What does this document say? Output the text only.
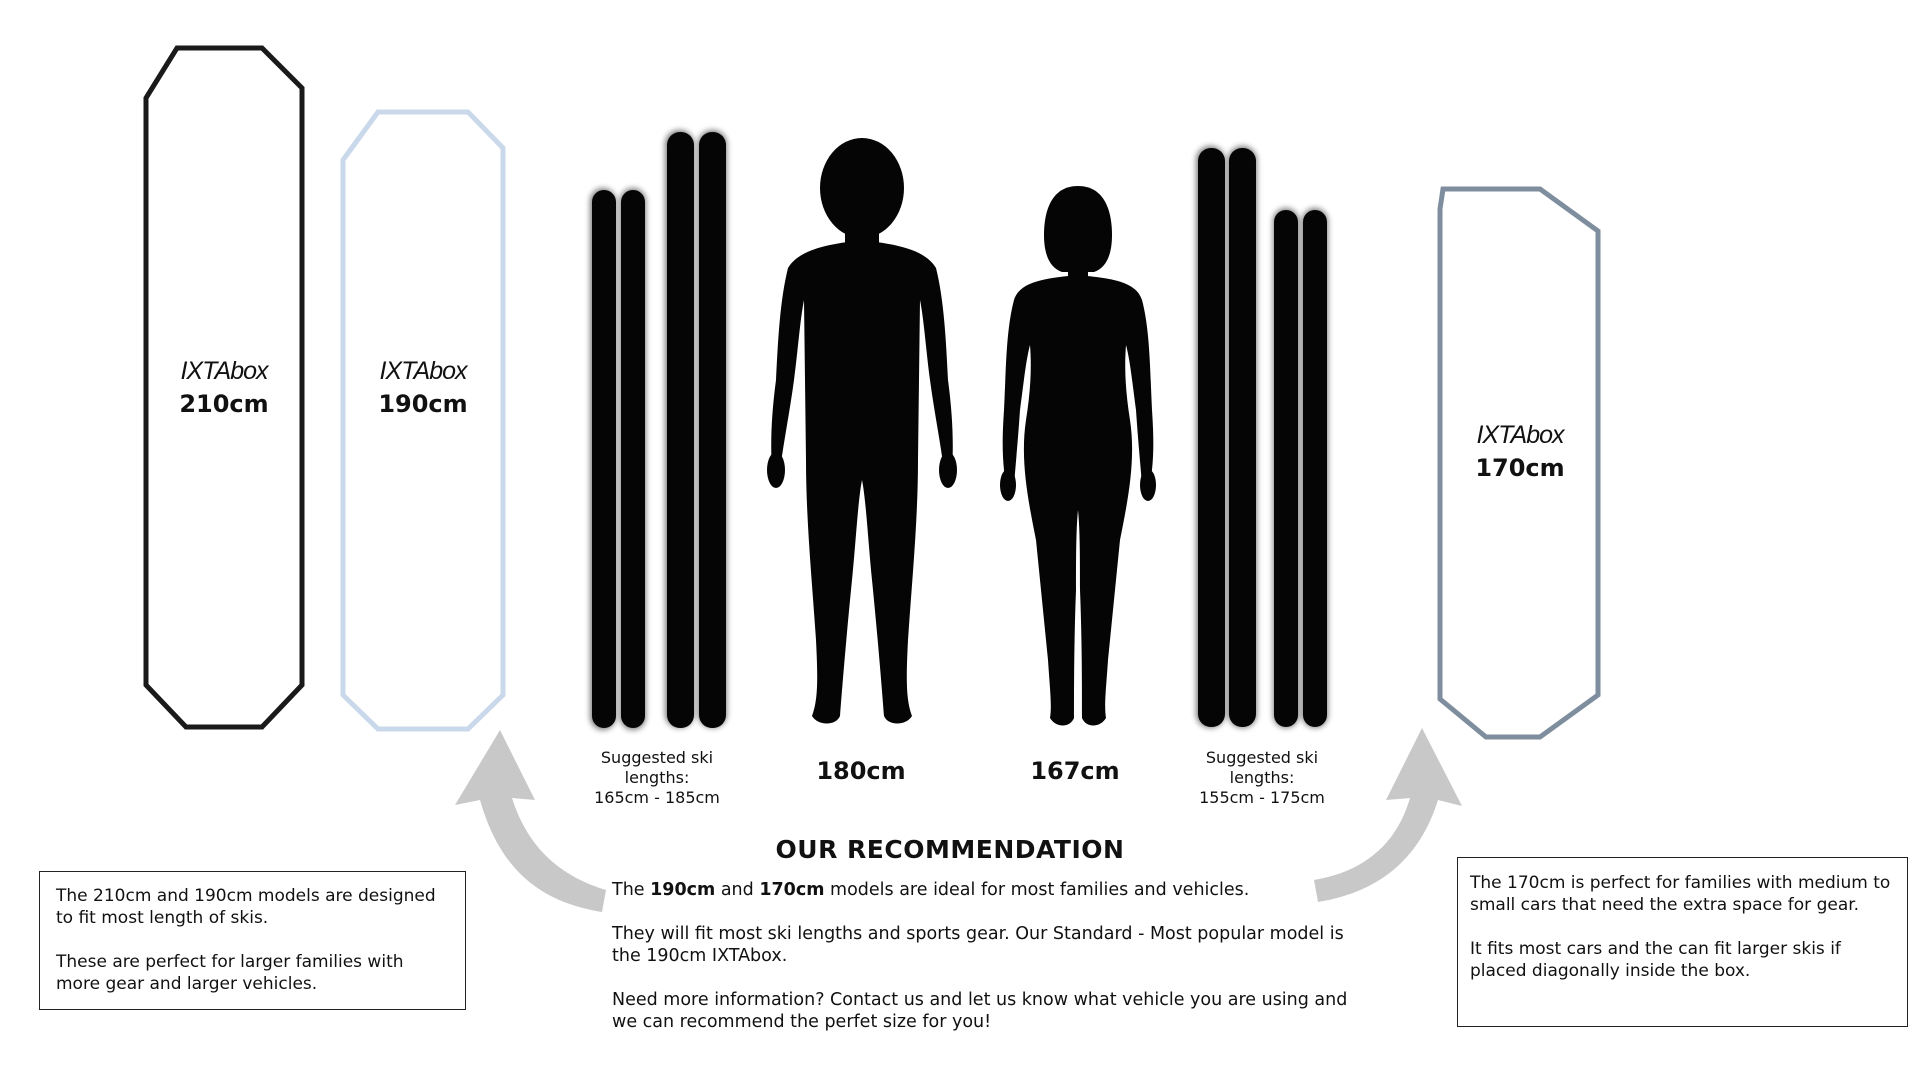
IXTAbox
210cm
IXTAbox
190cm
IXTAbox
170cm
Suggested ski
lengths:
165cm - 185cm
Suggested ski
lengths:
155cm - 175cm
180cm	167cm
OUR RECOMMENDATION

The 190cm and 170cm models are ideal for most families and vehicles.

They will fit most ski lengths and sports gear. Our Standard - Most popular model is the 190cm IXTAbox.

Need more information? Contact us and let us know what vehicle you are using and we can recommend the perfet size for you!

The 210cm and 190cm models are designed to fit most length of skis.

These are perfect for larger families with more gear and larger vehicles.

The 170cm is perfect for families with medium to small cars that need the extra space for gear.

It fits most cars and the can fit larger skis if placed diagonally inside the box.
